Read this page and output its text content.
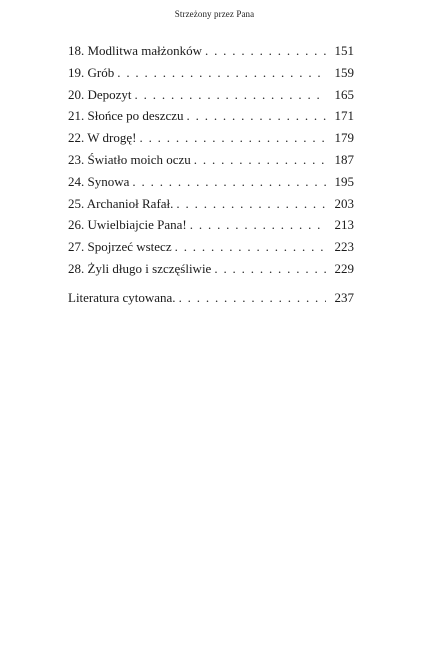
Strzeżony przez Pana
18. Modlitwa małżonków . . .	151
19. Grób . . .	159
20. Depozyt . . .	165
21. Słońce po deszczu . . .	171
22. W drogę! . . .	179
23. Światło moich oczu . . .	187
24. Synowa . . .	195
25. Archanioł Rafał. . . .	203
26. Uwielbiajcie Pana! . . .	213
27. Spojrzeć wstecz . . .	223
28. Żyli długo i szczęśliwie . . .	229
Literatura cytowana. . . .	237
